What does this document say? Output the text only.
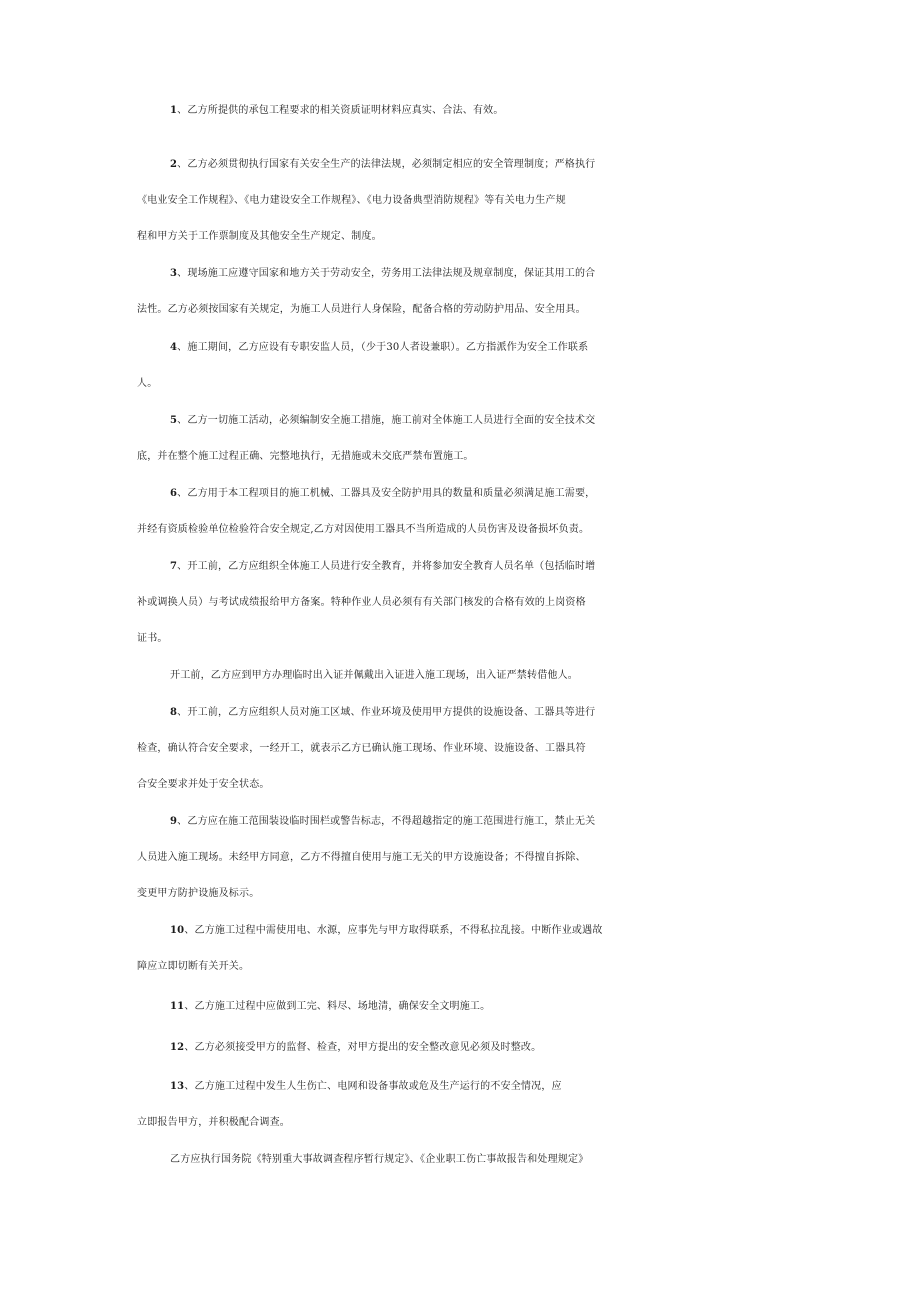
1、乙方所提供的承包工程要求的相关资质证明材料应真实、合法、有效。
2、乙方必须贯彻执行国家有关安全生产的法律法规，必须制定相应的安全管理制度；严格执行
《电业安全工作规程》、《电力建设安全工作规程》、《电力设备典型消防规程》等有关电力生产规
程和甲方关于工作票制度及其他安全生产规定、制度。
3、现场施工应遵守国家和地方关于劳动安全，劳务用工法律法规及规章制度，保证其用工的合
法性。乙方必须按国家有关规定，为施工人员进行人身保险，配备合格的劳动防护用品、安全用具。
4、施工期间，乙方应设有专职安监人员，（少于30人者设兼职）。乙方指派作为安全工作联系
人。
5、乙方一切施工活动，必须编制安全施工措施，施工前对全体施工人员进行全面的安全技术交
底，并在整个施工过程正确、完整地执行，无措施或未交底严禁布置施工。
6、乙方用于本工程项目的施工机械、工器具及安全防护用具的数量和质量必须满足施工需要，
并经有资质检验单位检验符合安全规定,乙方对因使用工器具不当所造成的人员伤害及设备损坏负责。
7、开工前，乙方应组织全体施工人员进行安全教育，并将参加安全教育人员名单（包括临时增
补或调换人员）与考试成绩报给甲方备案。特种作业人员必须有有关部门核发的合格有效的上岗资格
证书。
开工前，乙方应到甲方办理临时出入证并佩戴出入证进入施工现场，出入证严禁转借他人。
8、开工前，乙方应组织人员对施工区域、作业环境及使用甲方提供的设施设备、工器具等进行
检查，确认符合安全要求，一经开工，就表示乙方已确认施工现场、作业环境、设施设备、工器具符
合安全要求并处于安全状态。
9、乙方应在施工范围装设临时围栏或警告标志，不得超越指定的施工范围进行施工，禁止无关
人员进入施工现场。未经甲方同意，乙方不得擅自使用与施工无关的甲方设施设备；不得擅自拆除、
变更甲方防护设施及标示。
10、乙方施工过程中需使用电、水源，应事先与甲方取得联系，不得私拉乱接。中断作业或遇故
障应立即切断有关开关。
11、乙方施工过程中应做到工完、料尽、场地清，确保安全文明施工。
12、乙方必须接受甲方的监督、检查，对甲方提出的安全整改意见必须及时整改。
13、乙方施工过程中发生人生伤亡、电网和设备事故或危及生产运行的不安全情况，应
立即报告甲方，并积极配合调查。
乙方应执行国务院《特别重大事故调查程序暂行规定》、《企业职工伤亡事故报告和处理规定》
